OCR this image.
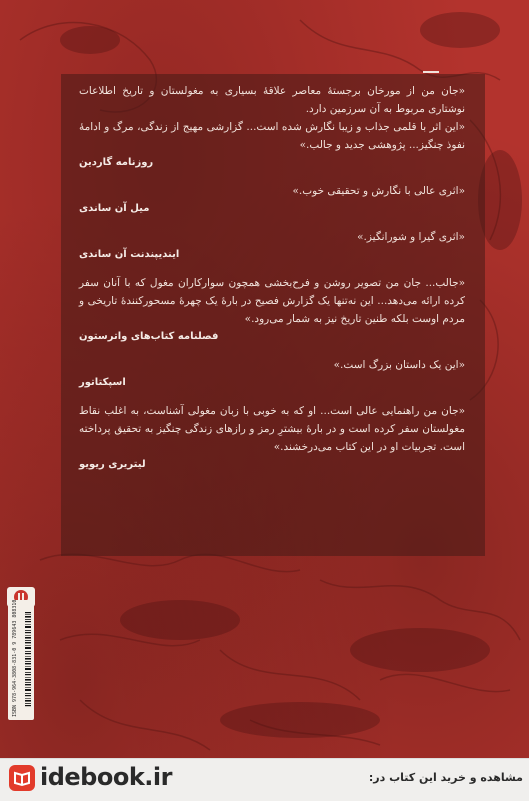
«جان من از مورخان برجستهٔ معاصر علاقهٔ بسیاری به مغولستان و تاریخ اطلاعات نوشتاری مربوط به آن سرزمین دارد.

«این اثر با قلمی جذاب و زیبا نگارش شده است... گزارشی مهیج از زندگی، مرگ و ادامهٔ نفوذ چنگیز... پژوهشی جدید و جالب.»

روزنامه گاردین

«اثری عالی با نگارش و تحقیقی خوب.»

میل آن ساندی

«اثری گیرا و شورانگیز.»

ایندیپندنت آن ساندی

«جالب... جان من تصویر روشن و فرح‌بخشی همچون سوارکاران مغول که با آنان سفر کرده ارائه می‌دهد... این نه‌تنها یک گزارش فصیح در بارهٔ یک چهرهٔ مسحورکنندهٔ تاریخی و مردم اوست بلکه طنین تاریخ نیز به شمار می‌رود.»

فصلنامه کتاب‌های واترستون

«این یک داستان بزرگ است.»

اسپکتاتور

«جان من راهنمایی عالی است... او که به خوبی با زبان مغولی آشناست، به اغلب نقاط مغولستان سفر کرده است و در بارهٔ بیشترِ رمز و رازهای زندگی چنگیز به تحقیق پرداخته است. تجربیات او در این کتاب می‌درخشند.»

لیتریری ریویو
ISBN 978-964-3808-831-0 9 789643 808310
idebook.ir	مشاهده و خرید این کتاب در:
